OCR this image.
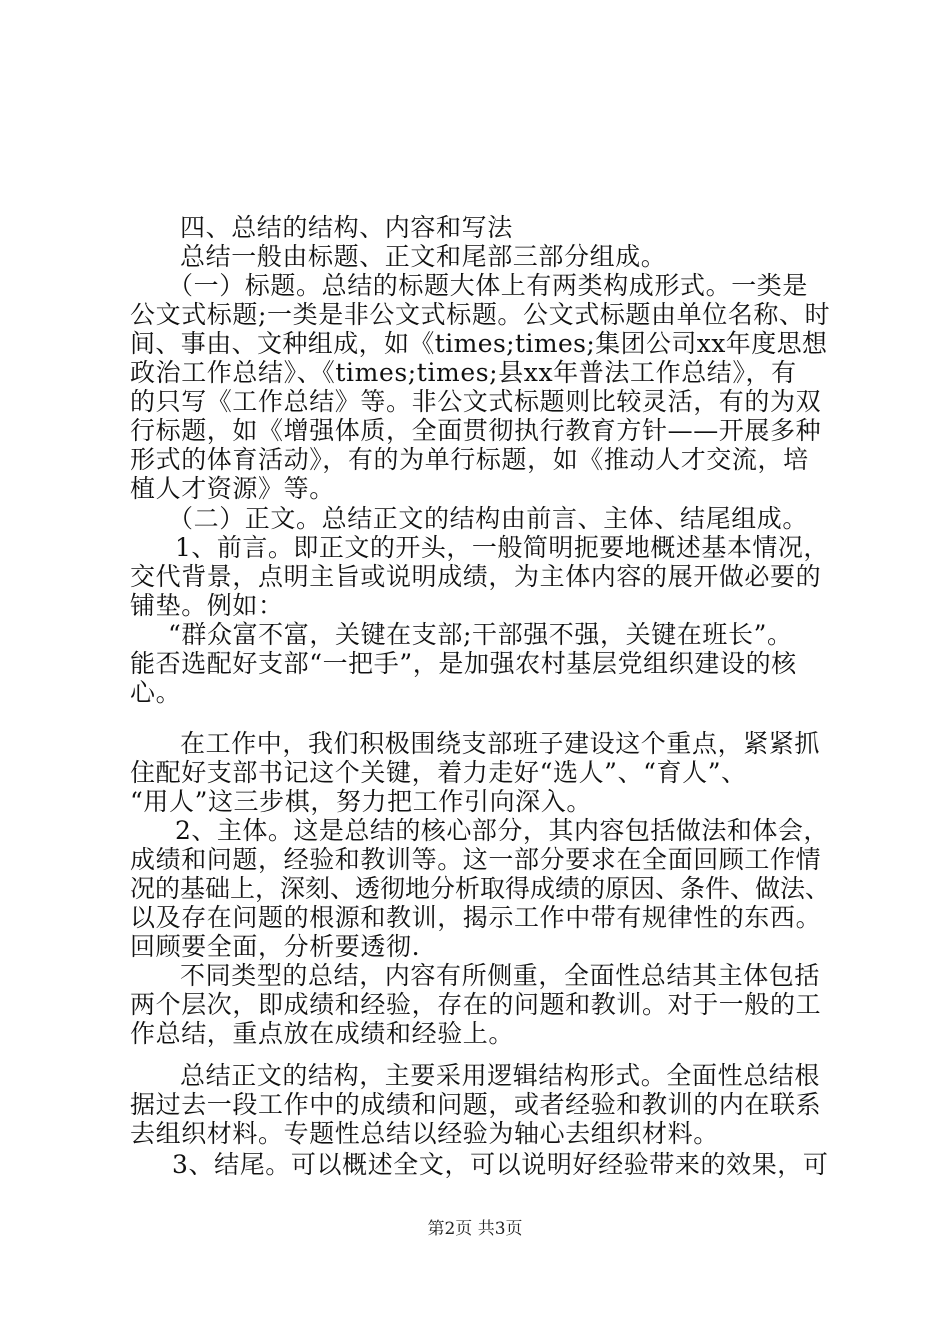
四、总结的结构、内容和写法
总结一般由标题、正文和尾部三部分组成。
（一）标题。总结的标题大体上有两类构成形式。一类是
公文式标题;一类是非公文式标题。公文式标题由单位名称、时
间、事由、文种组成，如《times;times;集团公司xx年度思想
政治工作总结》、《times;times;县xx年普法工作总结》，有
的只写《工作总结》等。非公文式标题则比较灵活，有的为双
行标题，如《增强体质，全面贯彻执行教育方针——开展多种
形式的体育活动》，有的为单行标题，如《推动人才交流，培
植人才资源》等。
（二）正文。总结正文的结构由前言、主体、结尾组成。
1、前言。即正文的开头，一般简明扼要地概述基本情况，
交代背景，点明主旨或说明成绩，为主体内容的展开做必要的
铺垫。例如：
“群众富不富，关键在支部;干部强不强，关键在班长”。
能否选配好支部“一把手”，是加强农村基层党组织建设的核
心。
在工作中，我们积极围绕支部班子建设这个重点，紧紧抓
住配好支部书记这个关键，着力走好“选人”、“育人”、
“用人”这三步棋，努力把工作引向深入。
2、主体。这是总结的核心部分，其内容包括做法和体会，
成绩和问题，经验和教训等。这一部分要求在全面回顾工作情
况的基础上，深刻、透彻地分析取得成绩的原因、条件、做法、
以及存在问题的根源和教训，揭示工作中带有规律性的东西。
回顾要全面，分析要透彻.
不同类型的总结，内容有所侧重，全面性总结其主体包括
两个层次，即成绩和经验，存在的问题和教训。对于一般的工
作总结，重点放在成绩和经验上。
总结正文的结构，主要采用逻辑结构形式。全面性总结根
据过去一段工作中的成绩和问题，或者经验和教训的内在联系
去组织材料。专题性总结以经验为轴心去组织材料。
3、结尾。可以概述全文，可以说明好经验带来的效果，可
第2页 共3页
